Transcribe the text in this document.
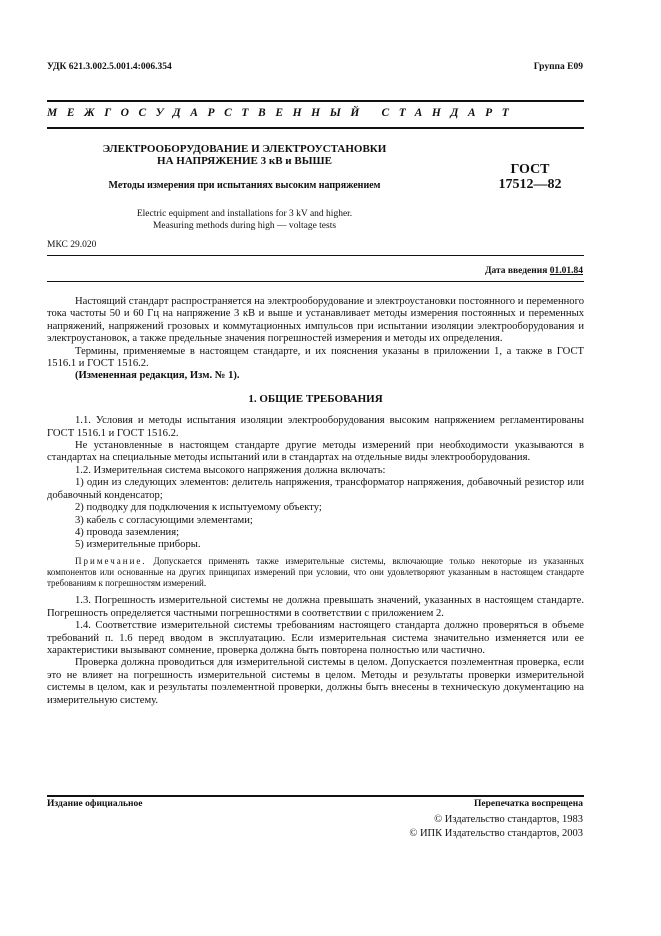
УДК 621.3.002.5.001.4:006.354	Группа Е09
МЕЖГОСУДАРСТВЕННЫЙ СТАНДАРТ
ЭЛЕКТРООБОРУДОВАНИЕ И ЭЛЕКТРОУСТАНОВКИ
НА НАПРЯЖЕНИЕ 3 кВ и ВЫШЕ
Методы измерения при испытаниях высоким напряжением
ГОСТ
17512—82
Electric equipment and installations for 3 kV and higher.
Measuring methods during high — voltage tests
МКС 29.020
Дата введения 01.01.84

Настоящий стандарт распространяется на электрооборудование и электроустановки постоянного и переменного тока частоты 50 и 60 Гц на напряжение 3 кВ и выше и устанавливает методы измерения постоянных и переменных напряжений, напряжений грозовых и коммутационных импульсов при испытании изоляции электрооборудования и электроустановок, а также предельные значения погрешностей измерения и методы их определения.

Термины, применяемые в настоящем стандарте, и их пояснения указаны в приложении 1, а также в ГОСТ 1516.1 и ГОСТ 1516.2.

(Измененная редакция, Изм. № 1).

1. ОБЩИЕ ТРЕБОВАНИЯ

1.1. Условия и методы испытания изоляции электрооборудования высоким напряжением регламентированы ГОСТ 1516.1 и ГОСТ 1516.2.

Не установленные в настоящем стандарте другие методы измерений при необходимости указываются в стандартах на специальные методы испытаний или в стандартах на отдельные виды электрооборудования.

1.2. Измерительная система высокого напряжения должна включать:

1) один из следующих элементов: делитель напряжения, трансформатор напряжения, добавочный резистор или добавочный конденсатор;

2) подводку для подключения к испытуемому объекту;

3) кабель с согласующими элементами;

4) провода заземления;

5) измерительные приборы.

Примечание. Допускается применять также измерительные системы, включающие только некоторые из указанных компонентов или основанные на других принципах измерений при условии, что они удовлетворяют указанным в настоящем стандарте требованиям к погрешностям измерений.

1.3. Погрешность измерительной системы не должна превышать значений, указанных в настоящем стандарте. Погрешность определяется частными погрешностями в соответствии с приложением 2.

1.4. Соответствие измерительной системы требованиям настоящего стандарта должно проверяться в объеме требований п. 1.6 перед вводом в эксплуатацию. Если измерительная система значительно изменяется или ее характеристики вызывают сомнение, проверка должна быть повторена полностью или частично.

Проверка должна проводиться для измерительной системы в целом. Допускается поэлементная проверка, если это не влияет на погрешность измерительной системы в целом. Методы и результаты проверки измерительной системы в целом, как и результаты поэлементной проверки, должны быть внесены в техническую документацию на измерительную систему.

Издание официальное	Перепечатка воспрещена
© Издательство стандартов, 1983
© ИПК Издательство стандартов, 2003
